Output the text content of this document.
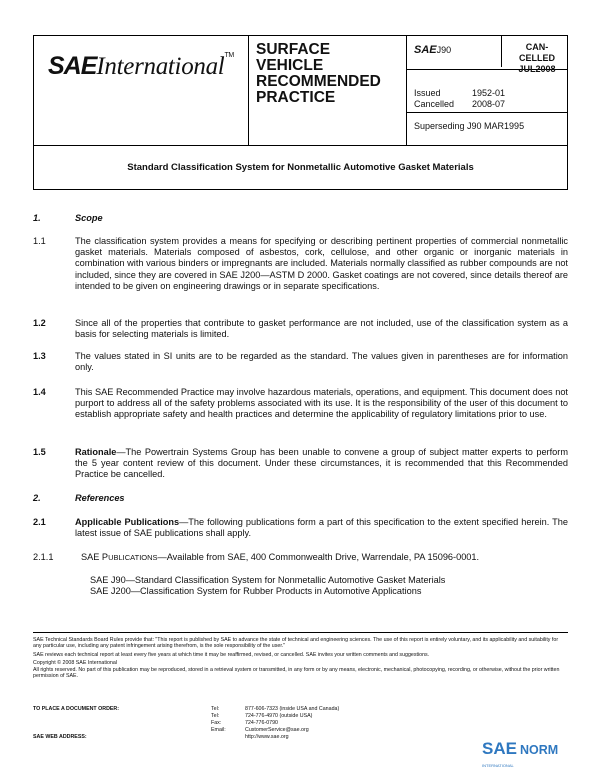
SAEInternational™ SURFACE
VEHICLE
RECOMMENDED
PRACTICE
SAEJ90	CAN-
CELLED
JUL2008
Issued	1952-01
Cancelled	2008-07
Superseding J90 MAR1995
Standard Classification System for Nonmetallic Automotive Gasket Materials
1.	Scope
1.1	The classification system provides a means for specifying or describing pertinent properties of commercial nonmetallic gasket materials. Materials composed of asbestos, cork, cellulose, and other organic or inorganic materials in combination with various binders or impregnants are included. Materials normally classified as rubber compounds are not included, since they are covered in SAE J200—ASTM D 2000. Gasket coatings are not covered, since details thereof are intended to be given on engineering drawings or in separate specifications.
1.2	Since all of the properties that contribute to gasket performance are not included, use of the classification system as a basis for selecting materials is limited.
1.3	The values stated in SI units are to be regarded as the standard. The values given in parentheses are for information only.
1.4	This SAE Recommended Practice may involve hazardous materials, operations, and equipment. This document does not purport to address all of the safety problems associated with its use. It is the responsibility of the user of this document to establish appropriate safety and health practices and determine the applicability of regulatory limitations prior to use.
1.5	Rationale—The Powertrain Systems Group has been unable to convene a group of subject matter experts to perform the 5 year content review of this document. Under these circumstances, it is recommended that this Recommended Practice be cancelled.
2.	References
2.1	Applicable Publications—The following publications form a part of this specification to the extent specified herein. The latest issue of SAE publications shall apply.
2.1.1	SAE PUBLICATIONS—Available from SAE, 400 Commonwealth Drive, Warrendale, PA 15096-0001.
SAE J90—Standard Classification System for Nonmetallic Automotive Gasket Materials
SAE J200—Classification System for Rubber Products in Automotive Applications

SAE Technical Standards Board Rules provide that: "This report is published by SAE to advance the state of technical and engineering sciences. The use of this report is entirely voluntary, and its applicability and suitability for any particular use, including any patent infringement arising therefrom, is the sole responsibility of the user."

SAE reviews each technical report at least every five years at which time it may be reaffirmed, revised, or cancelled. SAE invites your written comments and suggestions.

Copyright © 2008 SAE International

All rights reserved. No part of this publication may be reproduced, stored in a retrieval system or transmitted, in any form or by any means, electronic, mechanical, photocopying, recording, or otherwise, without the prior written permission of SAE.

TO PLACE A DOCUMENT ORDER:	Tel:	877-606-7323 (inside USA and Canada)
Tel:	724-776-4970 (outside USA)
Fax:	724-776-0790
Email:	CustomerService@sae.org
SAE WEB ADDRESS:	http://www.sae.org
SAE NORM
INTERNATIONAL
